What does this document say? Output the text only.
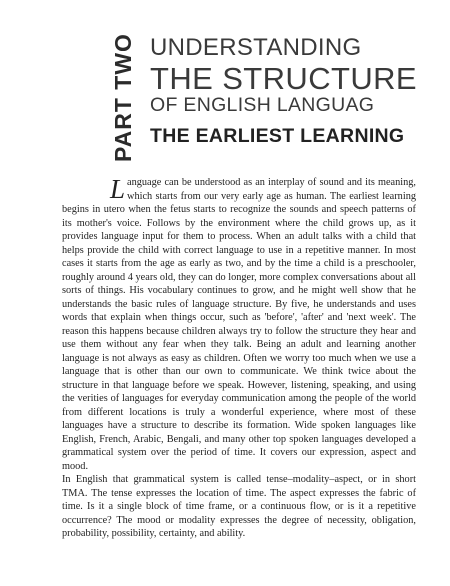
PART TWO UNDERSTANDING
THE STRUCTURE
OF ENGLISH LANGUAG
THE EARLIEST LEARNING

Language can be understood as an interplay of sound and its meaning, which starts from our very early age as human. The earliest learning begins in utero when the fetus starts to recognize the sounds and speech patterns of its mother's voice. Follows by the environment where the child grows up, as it provides language input for them to process. When an adult talks with a child that helps provide the child with correct language to use in a repetitive manner. In most cases it starts from the age as early as two, and by the time a child is a preschooler, roughly around 4 years old, they can do longer, more complex conversations about all sorts of things. His vocabulary continues to grow, and he might well show that he understands the basic rules of language structure. By five, he understands and uses words that explain when things occur, such as 'before', 'after' and 'next week'. The reason this happens because children always try to follow the structure they hear and use them without any fear when they talk. Being an adult and learning another language is not always as easy as children. Often we worry too much when we use a language that is other than our own to communicate. We think twice about the structure in that language before we speak. However, listening, speaking, and using the verities of languages for everyday communication among the people of the world from different locations is truly a wonderful experience, where most of these languages have a structure to describe its formation. Wide spoken languages like English, French, Arabic, Bengali, and many other top spoken languages developed a grammatical system over the period of time. It covers our expression, aspect and mood.

In English that grammatical system is called tense–modality–aspect, or in short TMA. The tense expresses the location of time. The aspect expresses the fabric of time. Is it a single block of time frame, or a continuous flow, or is it a repetitive occurrence? The mood or modality expresses the degree of necessity, obligation, probability, possibility, certainty, and ability.
